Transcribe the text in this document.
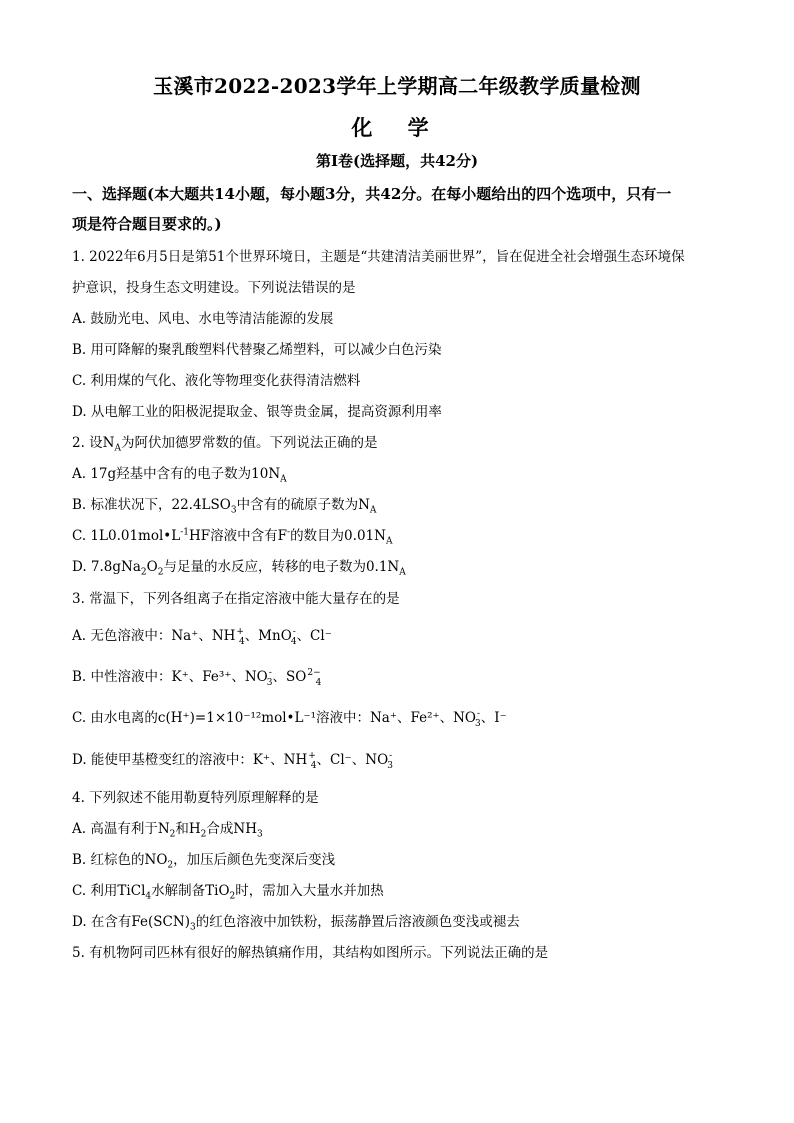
玉溪市2022-2023学年上学期高二年级教学质量检测
化 学
第I卷(选择题，共42分)
一、选择题(本大题共14小题，每小题3分，共42分。在每小题给出的四个选项中，只有一
项是符合题目要求的。)
1. 2022年6月5日是第51个世界环境日，主题是“共建清洁美丽世界”，旨在促进全社会增强生态环境保
护意识，投身生态文明建设。下列说法错误的是
A. 鼓励光电、风电、水电等清洁能源的发展
B. 用可降解的聚乳酸塑料代替聚乙烯塑料，可以减少白色污染
C. 利用煤的气化、液化等物理变化获得清洁燃料
D. 从电解工业的阳极泥提取金、银等贵金属，提高资源利用率
2. 设$N_A$为阿伏加德罗常数的值。下列说法正确的是
A. 17g羟基中含有的电子数为$10N_A$
B. 标准状况下，$22.4LSO_3$中含有的硫原子数为$N_A$
C. $1L0.01mol•L^{-1}HF$溶液中含有F-的数目为$0.01N_A$
D. $7.8gNa_2O_2$与足量的水反应，转移的电子数为$0.1N_A$
3. 常温下，下列各组离子在指定溶液中能大量存在的是
A. 无色溶液中：Na⁺、$NH^+_4$、MnO-$_4$、Cl⁻
B. 中性溶液中：K⁺、Fe³⁺、$NO^-_3$、$SO^{2-}_4$
C. 由水电离的c(H⁺)=1×10⁻¹²mol•L⁻¹溶液中：Na⁺、Fe²⁺、$NO^-_3$、I⁻
D. 能使甲基橙变红的溶液中：K⁺、$NH^+_4$、Cl⁻、$NO^-_3$
4. 下列叙述不能用勒夏特列原理解释的是
A. 高温有利于$N_2$和$H_2$合成$NH_3$
B. 红棕色的$NO_2$，加压后颜色先变深后变浅
C. 利用TiCl$_4$水解制备TiO$_2$时，需加入大量水并加热
D. 在含有$Fe(SCN)_3$的红色溶液中加铁粉，振荡静置后溶液颜色变浅或褪去
5. 有机物阿司匹林有很好的解热镇痛作用，其结构如图所示。下列说法正确的是
